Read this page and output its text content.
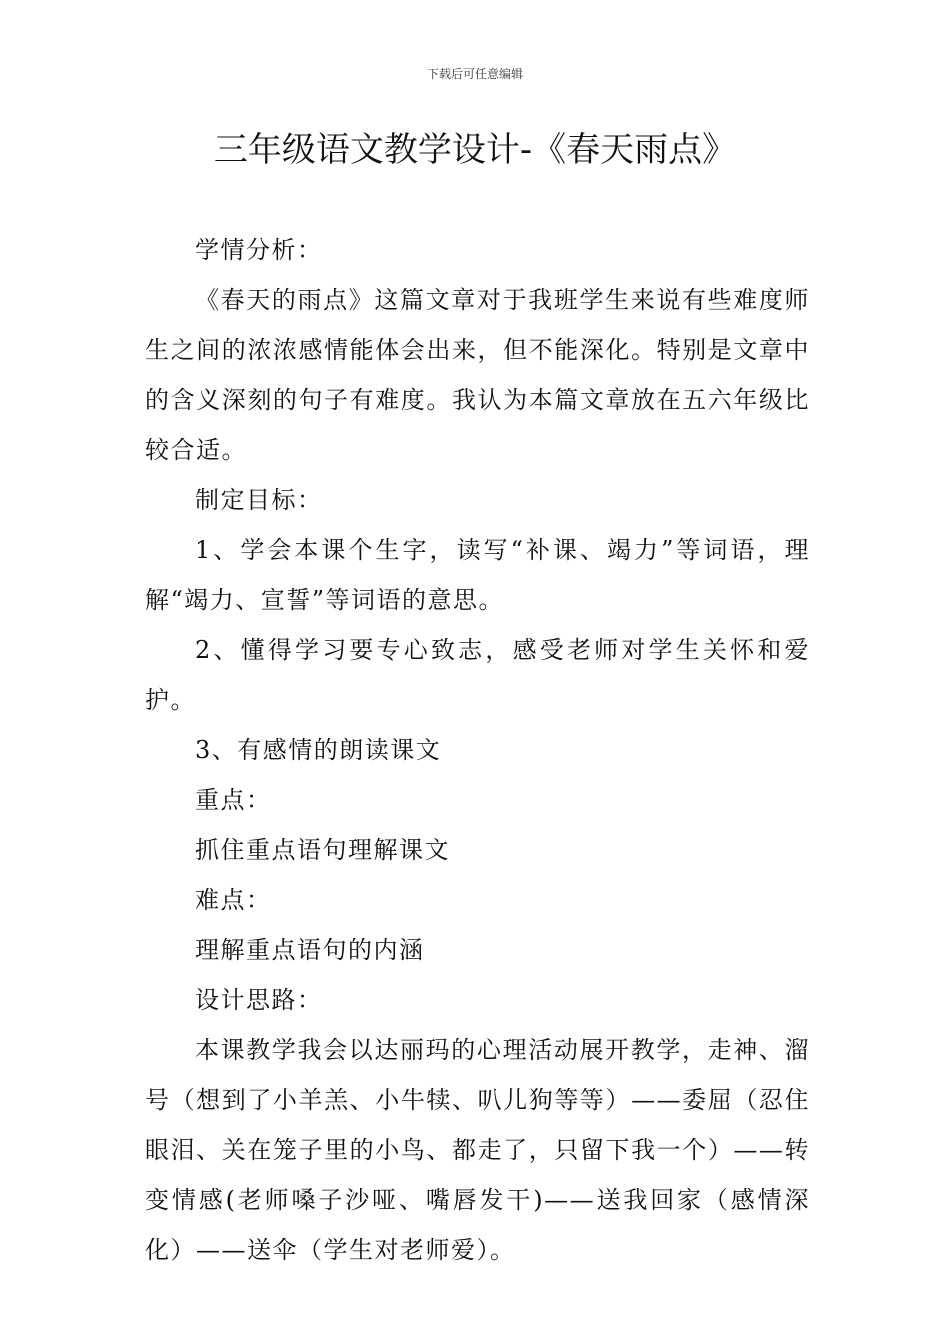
下载后可任意编辑
三年级语文教学设计-《春天雨点》

学情分析：

《春天的雨点》这篇文章对于我班学生来说有些难度师生之间的浓浓感情能体会出来，但不能深化。特别是文章中的含义深刻的句子有难度。我认为本篇文章放在五六年级比较合适。

制定目标：

1、学会本课个生字，读写“补课、竭力”等词语，理解“竭力、宣誓”等词语的意思。

2、懂得学习要专心致志，感受老师对学生关怀和爱护。

3、有感情的朗读课文

重点：

抓住重点语句理解课文

难点：

理解重点语句的内涵

设计思路：

本课教学我会以达丽玛的心理活动展开教学，走神、溜号（想到了小羊羔、小牛犊、叭儿狗等等）——委屈（忍住眼泪、关在笼子里的小鸟、都走了，只留下我一个）——转变情感(老师嗓子沙哑、嘴唇发干)——送我回家（感情深化）——送伞（学生对老师爱）。
